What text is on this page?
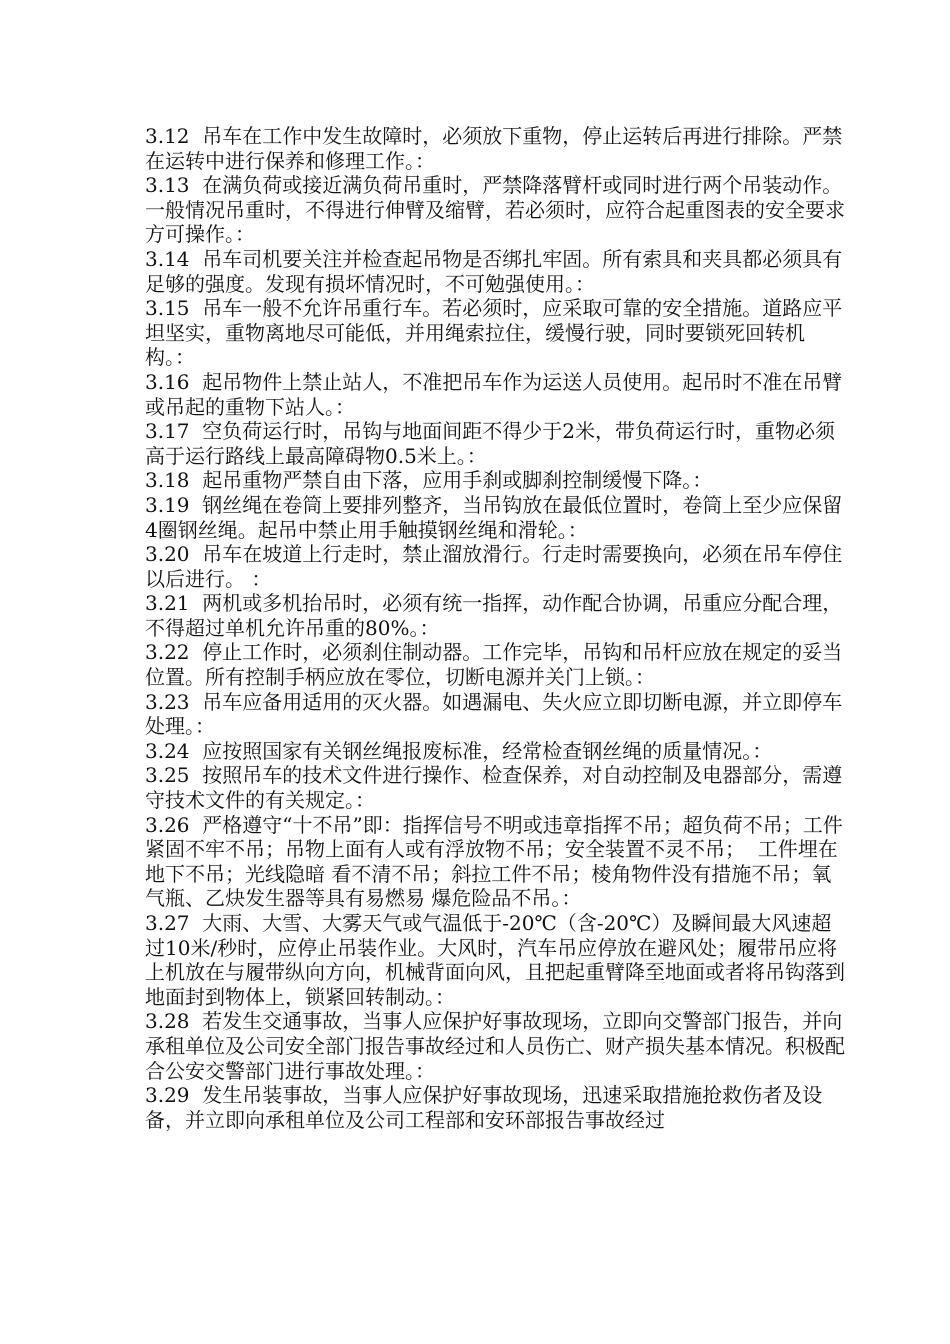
3.12  吊车在工作中发生故障时，必须放下重物，停止运转后再进行排除。严禁在运转中进行保养和修理工作。：

3.13  在满负荷或接近满负荷吊重时，严禁降落臂杆或同时进行两个吊装动作。一般情况吊重时，不得进行伸臂及缩臂，若必须时，应符合起重图表的安全要求方可操作。：

3.14  吊车司机要关注并检查起吊物是否绑扎牢固。所有索具和夹具都必须具有足够的强度。发现有损坏情况时，不可勉强使用。：

3.15  吊车一般不允许吊重行车。若必须时，应采取可靠的安全措施。道路应平坦坚实，重物离地尽可能低，并用绳索拉住，缓慢行驶，同时要锁死回转机构。：

3.16  起吊物件上禁止站人，不准把吊车作为运送人员使用。起吊时不准在吊臂或吊起的重物下站人。：

3.17  空负荷运行时，吊钩与地面间距不得少于2米，带负荷运行时，重物必须高于运行路线上最高障碍物0.5米上。：

3.18  起吊重物严禁自由下落，应用手刹或脚刹控制缓慢下降。：

3.19  钢丝绳在卷筒上要排列整齐，当吊钩放在最低位置时，卷筒上至少应保留4圈钢丝绳。起吊中禁止用手触摸钢丝绳和滑轮。：

3.20  吊车在坡道上行走时，禁止溜放滑行。行走时需要换向，必须在吊车停住以后进行。 ：

3.21  两机或多机抬吊时，必须有统一指挥，动作配合协调，吊重应分配合理，不得超过单机允许吊重的80%。：

3.22  停止工作时，必须刹住制动器。工作完毕，吊钩和吊杆应放在规定的妥当位置。所有控制手柄应放在零位，切断电源并关门上锁。：

3.23  吊车应备用适用的灭火器。如遇漏电、失火应立即切断电源，并立即停车处理。：

3.24  应按照国家有关钢丝绳报废标准，经常检查钢丝绳的质量情况。：

3.25  按照吊车的技术文件进行操作、检查保养，对自动控制及电器部分，需遵守技术文件的有关规定。：

3.26  严格遵守“十不吊”即：指挥信号不明或违章指挥不吊；超负荷不吊；工件紧固不牢不吊；吊物上面有人或有浮放物不吊；安全装置不灵不吊；  工件埋在地下不吊；光线隐暗 看不清不吊；斜拉工件不吊；棱角物件没有措施不吊；氧气瓶、乙炔发生器等具有易燃易 爆危险品不吊。：

3.27  大雨、大雪、大雾天气或气温低于-20℃（含-20℃）及瞬间最大风速超过10米/秒时，应停止吊装作业。大风时，汽车吊应停放在避风处；履带吊应将上机放在与履带纵向方向，机械背面向风，且把起重臂降至地面或者将吊钩落到地面封到物体上，锁紧回转制动。：

3.28  若发生交通事故，当事人应保护好事故现场，立即向交警部门报告，并向承租单位及公司安全部门报告事故经过和人员伤亡、财产损失基本情况。积极配合公安交警部门进行事故处理。：

3.29  发生吊装事故，当事人应保护好事故现场，迅速采取措施抢救伤者及设备，并立即向承租单位及公司工程部和安环部报告事故经过
